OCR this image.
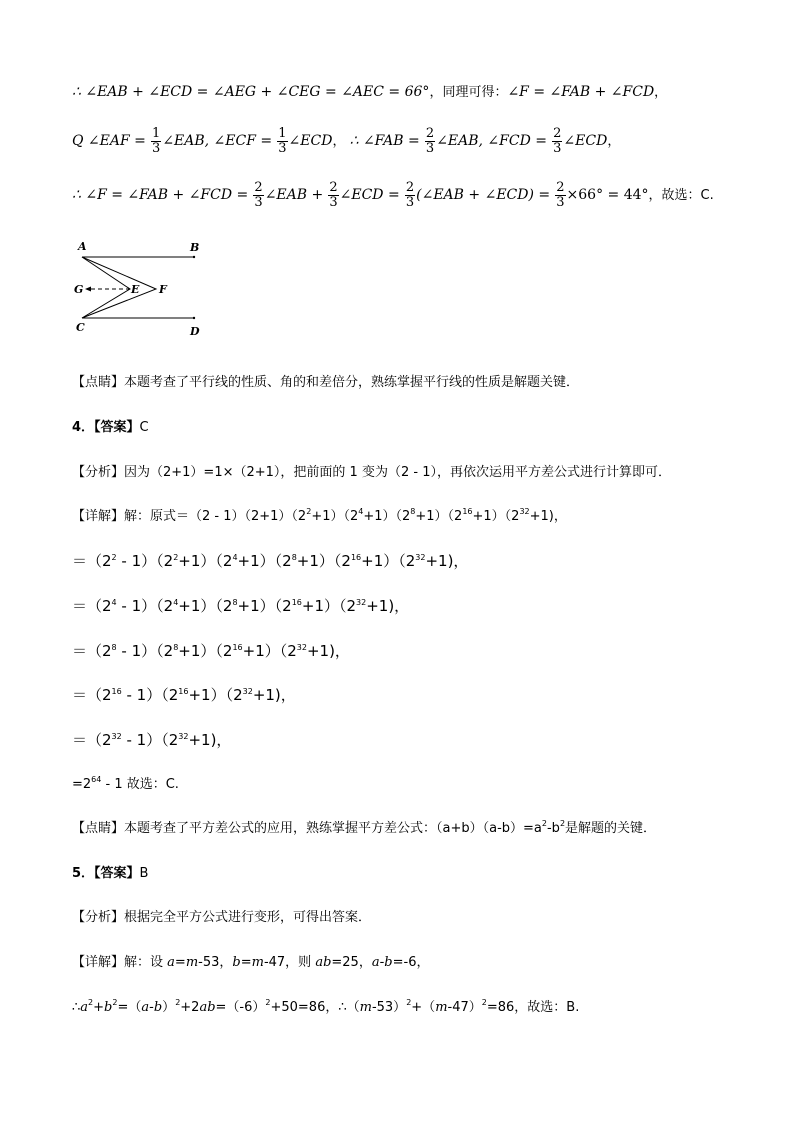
∴ ∠EAB + ∠ECD = ∠AEG + ∠CEG = ∠AEC = 66°，同理可得：∠F = ∠FAB + ∠FCD，
Q ∠EAF = $\frac{1}{3}$ ∠EAB, ∠ECF = $\frac{1}{3}$ ∠ECD， ∴ ∠FAB = $\frac{2}{3}$ ∠EAB, ∠FCD = $\frac{2}{3}$ ∠ECD，
∴ ∠F = ∠FAB + ∠FCD = $\frac{2}{3}$ ∠EAB + $\frac{2}{3}$ ∠ECD = $\frac{2}{3}$ (∠EAB + ∠ECD) = $\frac{2}{3} \times 66^\circ = 44^\circ$，故选：C.
A	B
C	D
E F
G
【点睛】本题考查了平行线的性质、角的和差倍分，熟练掌握平行线的性质是解题关键．
4．【答案】C
【分析】因为（2+1）=1×（2+1），把前面的 1 变为（2 - 1），再依次运用平方差公式进行计算即可．
【详解】解：原式$=(2 - 1)(2+1)(2^2+1)(2^4+1)(2^8+1)(2^{16}+1)(2^{32}+1)$，
$=(2^2 - 1)(2^2+1)(2^4+1)(2^8+1)(2^{16}+1)(2^{32}+1)$，
$=(2^4 - 1)(2^4+1)(2^8+1)(2^{16}+1)(2^{32}+1)$，
$=(2^8 - 1)(2^8+1)(2^{16}+1)(2^{32}+1)$，
$=(2^{16} - 1)(2^{16}+1)(2^{32}+1)$，
$=(2^{32} - 1)(2^{32}+1)$，
$=2^{64} - 1$ 故选：C.
【点睛】本题考查了平方差公式的应用，熟练掌握平方差公式：$(a+b)(a-b)=a^2-b^2$是解题的关键．
5．【答案】B
【分析】根据完全平方公式进行变形，可得出答案．
【详解】解：设 a=m-53，b=m-47，则 ab=25，a-b=-6，
$\therefore a^2+b^2=(a-b)^2+2ab=(-6)^2+50=86$，$\therefore(m-53)^2+(m-47)^2=86$，故选：B.
